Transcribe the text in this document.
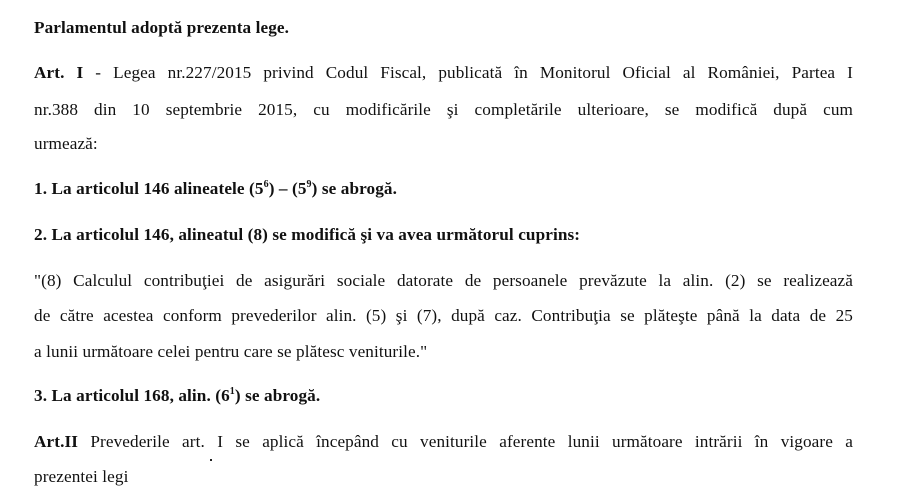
Parlamentul adoptă prezenta lege.
Art. I - Legea nr.227/2015 privind Codul Fiscal, publicată în Monitorul Oficial al României, Partea I
nr.388 din 10 septembrie 2015, cu modificările şi completările ulterioare, se modifică după cum
urmează:
1. La articolul 146 alineatele $(5^6) - (5^9)$ se abrogă.
2. La articolul 146, alineatul (8) se modifică şi va avea următorul cuprins:
"(8) Calculul contribuţiei de asigurări sociale datorate de persoanele prevăzute la alin. (2) se realizează
de către acestea conform prevederilor alin. (5) şi (7), după caz. Contribuţia se plăteşte până la data de 25
a lunii următoare celei pentru care se plătesc veniturile."
3. La articolul 168, alin. $(6^1)$ se abrogă.
Art.II Prevederile art. I se aplică începând cu veniturile aferente lunii următoare intrării în vigoare a
prezentei legi
